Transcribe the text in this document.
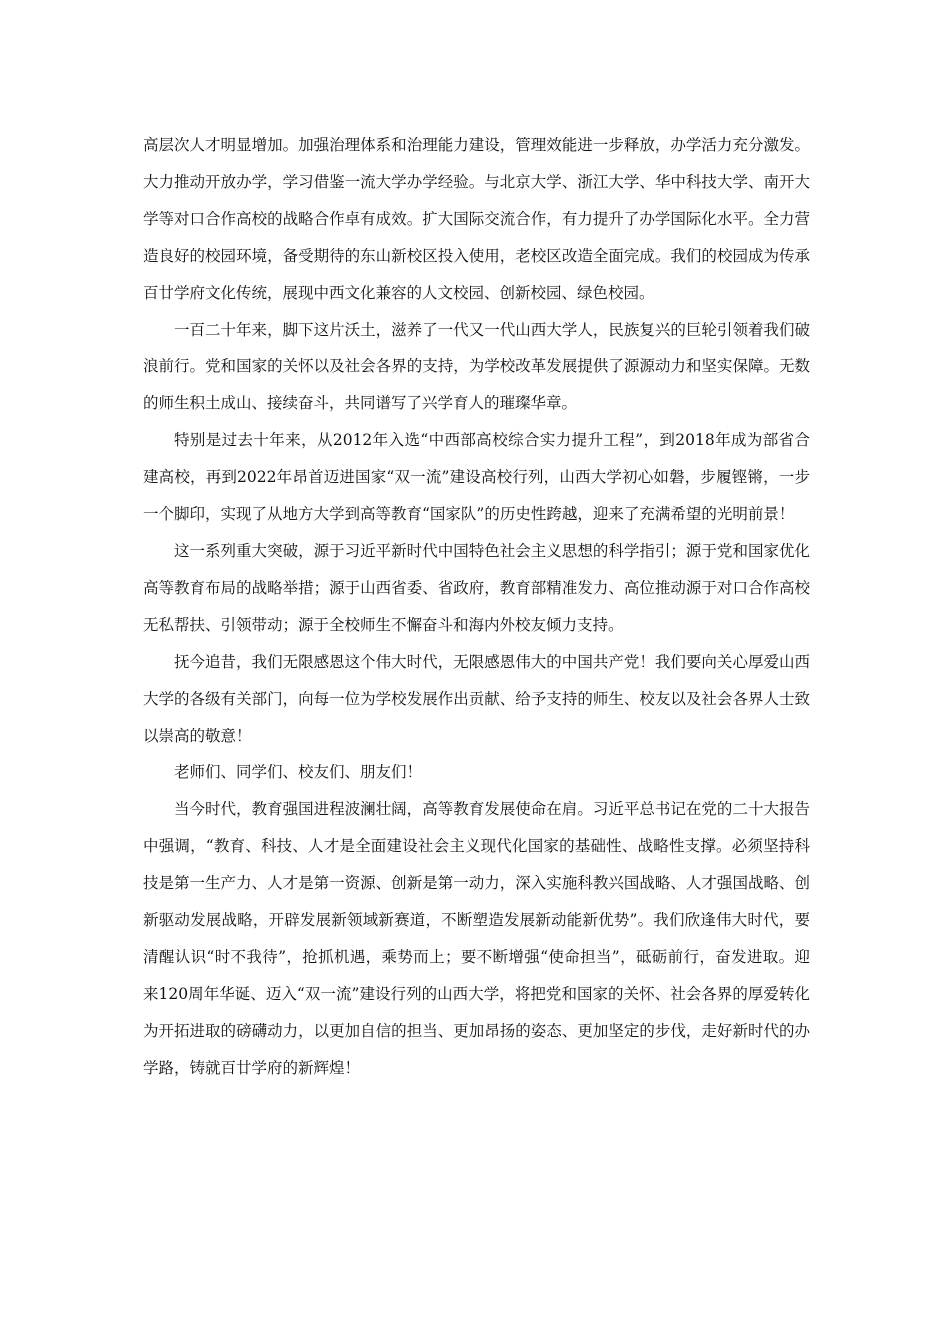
高层次人才明显增加。加强治理体系和治理能力建设，管理效能进一步释放，办学活力充分激发。大力推动开放办学，学习借鉴一流大学办学经验。与北京大学、浙江大学、华中科技大学、南开大学等对口合作高校的战略合作卓有成效。扩大国际交流合作，有力提升了办学国际化水平。全力营造良好的校园环境，备受期待的东山新校区投入使用，老校区改造全面完成。我们的校园成为传承百廿学府文化传统，展现中西文化兼容的人文校园、创新校园、绿色校园。

一百二十年来，脚下这片沃土，滋养了一代又一代山西大学人，民族复兴的巨轮引领着我们破浪前行。党和国家的关怀以及社会各界的支持，为学校改革发展提供了源源动力和坚实保障。无数的师生积土成山、接续奋斗，共同谱写了兴学育人的璀璨华章。

特别是过去十年来，从2012年入选“中西部高校综合实力提升工程”，到2018年成为部省合建高校，再到2022年昂首迈进国家“双一流”建设高校行列，山西大学初心如磐，步履铿锵，一步一个脚印，实现了从地方大学到高等教育“国家队”的历史性跨越，迎来了充满希望的光明前景！

这一系列重大突破，源于习近平新时代中国特色社会主义思想的科学指引；源于党和国家优化高等教育布局的战略举措；源于山西省委、省政府，教育部精准发力、高位推动源于对口合作高校无私帮扶、引领带动；源于全校师生不懈奋斗和海内外校友倾力支持。

抚今追昔，我们无限感恩这个伟大时代，无限感恩伟大的中国共产党！我们要向关心厚爱山西大学的各级有关部门，向每一位为学校发展作出贡献、给予支持的师生、校友以及社会各界人士致以崇高的敬意！

老师们、同学们、校友们、朋友们！

当今时代，教育强国进程波澜壮阔，高等教育发展使命在肩。习近平总书记在党的二十大报告中强调，“教育、科技、人才是全面建设社会主义现代化国家的基础性、战略性支撑。必须坚持科技是第一生产力、人才是第一资源、创新是第一动力，深入实施科教兴国战略、人才强国战略、创新驱动发展战略，开辟发展新领域新赛道，不断塑造发展新动能新优势”。我们欣逢伟大时代，要清醒认识“时不我待”，抢抓机遇，乘势而上；要不断增强“使命担当”，砥砺前行，奋发进取。迎来120周年华诞、迈入“双一流”建设行列的山西大学，将把党和国家的关怀、社会各界的厚爱转化为开拓进取的磅礴动力，以更加自信的担当、更加昂扬的姿态、更加坚定的步伐，走好新时代的办学路，铸就百廿学府的新辉煌！
